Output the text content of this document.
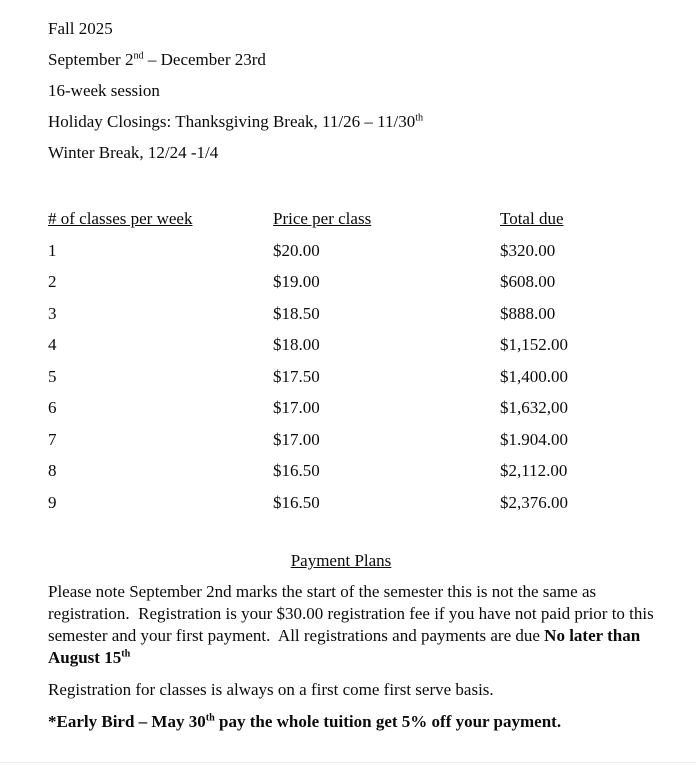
Fall 2025
September 2nd – December 23rd
16-week session
Holiday Closings: Thanksgiving Break, 11/26 – 11/30th
Winter Break, 12/24 -1/4
# of classes per week	Price per class	Total due
1	$20.00	$320.00
2	$19.00	$608.00
3	$18.50	$888.00
4	$18.00	$1,152.00
5	$17.50	$1,400.00
6	$17.00	$1,632,00
7	$17.00	$1.904.00
8	$16.50	$2,112.00
9	$16.50	$2,376.00
Payment Plans

Please note September 2nd marks the start of the semester this is not the same as registration.  Registration is your $30.00 registration fee if you have not paid prior to this semester and your first payment.  All registrations and payments are due No later than August 15th

Registration for classes is always on a first come first serve basis.

*Early Bird – May 30th pay the whole tuition get 5% off your payment.
